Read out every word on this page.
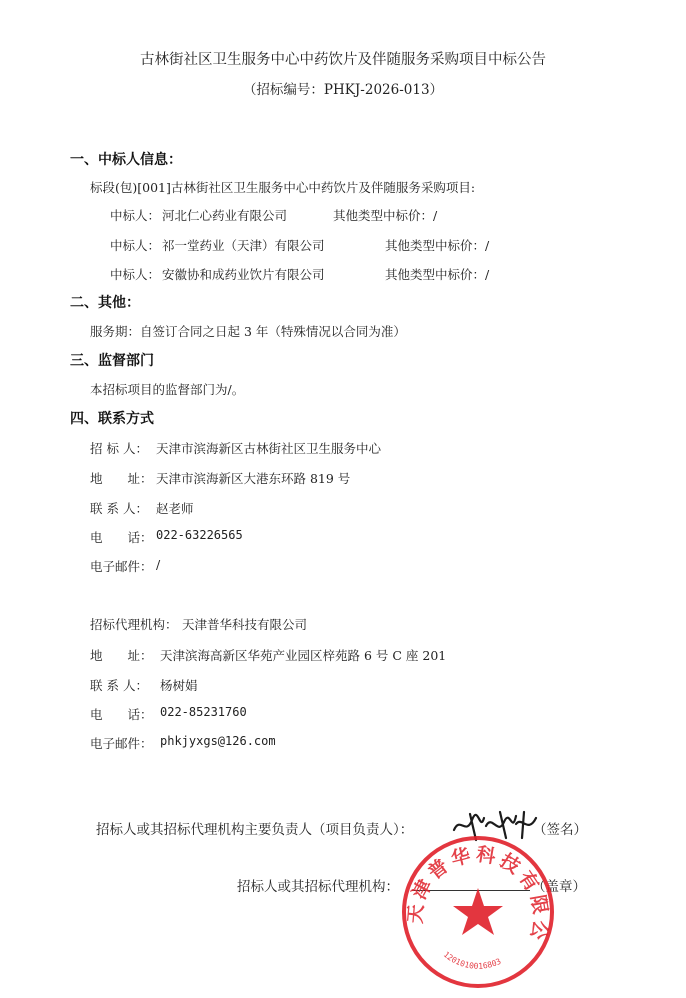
古林街社区卫生服务中心中药饮片及伴随服务采购项目中标公告
（招标编号：PHKJ-2026-013）
一、中标人信息：
标段(包)[001]古林街社区卫生服务中心中药饮片及伴随服务采购项目:
中标人： 河北仁心药业有限公司	其他类型中标价：/
中标人： 祁一堂药业（天津）有限公司	其他类型中标价：/
中标人： 安徽协和成药业饮片有限公司	其他类型中标价：/
二、其他：
服务期：自签订合同之日起 3 年（特殊情况以合同为准）
三、监督部门
本招标项目的监督部门为/。
四、联系方式
招 标 人： 天津市滨海新区古林街社区卫生服务中心
地　　址： 天津市滨海新区大港东环路 819 号
联 系 人： 赵老师
电　　话： 022-63226565
电子邮件： /
招标代理机构： 天津普华科技有限公司
地　　址： 天津滨海高新区华苑产业园区梓苑路 6 号 C 座 201
联 系 人： 杨树娟
电　　话： 022-85231760
电子邮件： phkjyxgs@126.com
招标人或其招标代理机构主要负责人（项目负责人）：	（签名）
招标人或其招标代理机构：	（盖章）
天津普华科技有限公
1201010016803
